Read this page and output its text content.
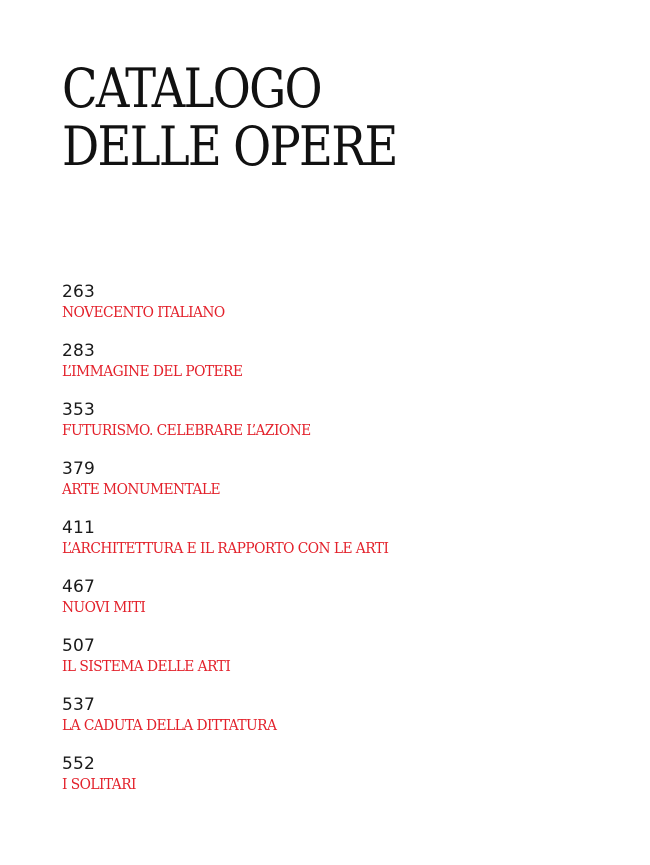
CATALOGO
DELLE OPERE
263
NOVECENTO ITALIANO
283
L’IMMAGINE DEL POTERE
353
FUTURISMO. CELEBRARE L’AZIONE
379
ARTE MONUMENTALE
411
L’ARCHITETTURA E IL RAPPORTO CON LE ARTI
467
NUOVI MITI
507
IL SISTEMA DELLE ARTI
537
LA CADUTA DELLA DITTATURA
552
I SOLITARI
